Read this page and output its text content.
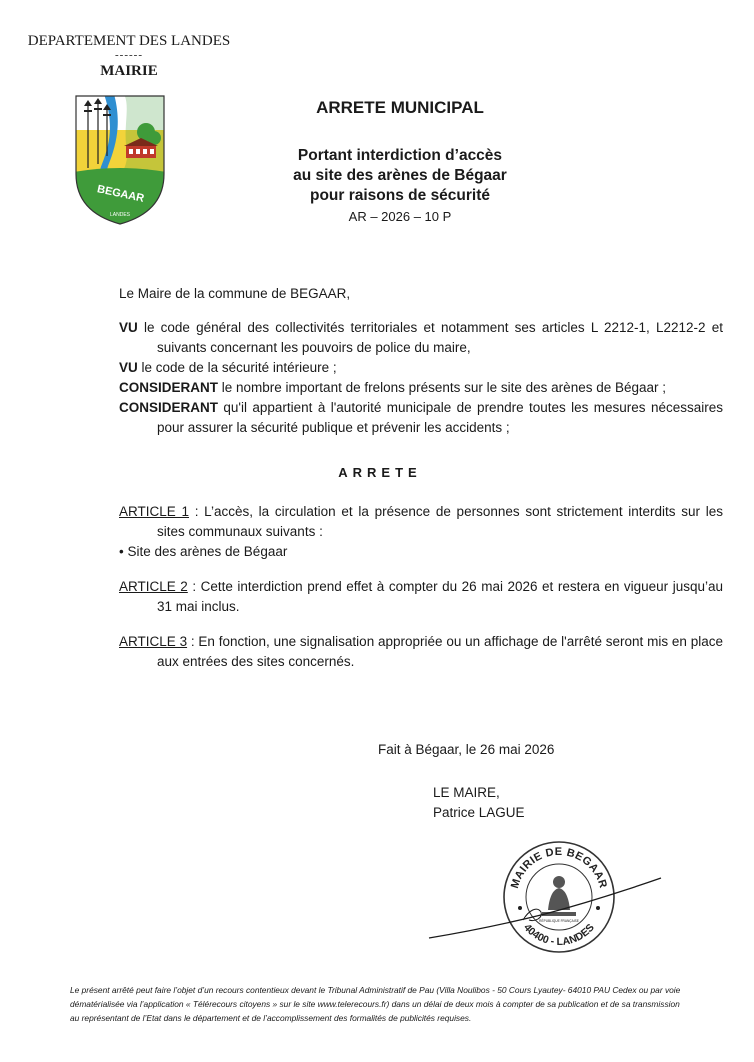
DEPARTEMENT DES LANDES
------
MAIRIE
BEGAAR
LANDES
ARRETE MUNICIPAL
Portant interdiction d’accès
au site des arènes de Bégaar
pour raisons de sécurité
AR – 2026 – 10 P
Le Maire de la commune de BEGAAR,
VU le code général des collectivités territoriales et notamment ses articles L 2212-1, L2212-2 et suivants concernant les pouvoirs de police du maire,
VU le code de la sécurité intérieure ;
CONSIDERANT le nombre important de frelons présents sur le site des arènes de Bégaar ;
CONSIDERANT qu'il appartient à l'autorité municipale de prendre toutes les mesures nécessaires pour assurer la sécurité publique et prévenir les accidents ;
ARRETE
ARTICLE 1 : L’accès, la circulation et la présence de personnes sont strictement interdits sur les sites communaux suivants :
• Site des arènes de Bégaar
ARTICLE 2 : Cette interdiction prend effet à compter du 26 mai 2026 et restera en vigueur jusqu’au 31 mai inclus.
ARTICLE 3 : En fonction, une signalisation appropriée ou un affichage de l'arrêté seront mis en place aux entrées des sites concernés.
Fait à Bégaar, le 26 mai 2026
LE MAIRE,
Patrice LAGUE
MAIRIE DE BEGAAR
40400 - LANDES
RÉPUBLIQUE FRANÇAISE
Le présent arrêté peut faire l’objet d’un recours contentieux devant le Tribunal Administratif de Pau (Villa Noulibos - 50 Cours Lyautey- 64010 PAU Cedex ou par voie dématérialisée via l’application « Télérecours citoyens » sur le site www.telerecours.fr) dans un délai de deux mois à compter de sa publication et de sa transmission au représentant de l’Etat dans le département et de l’accomplissement des formalités de publicités requises.
